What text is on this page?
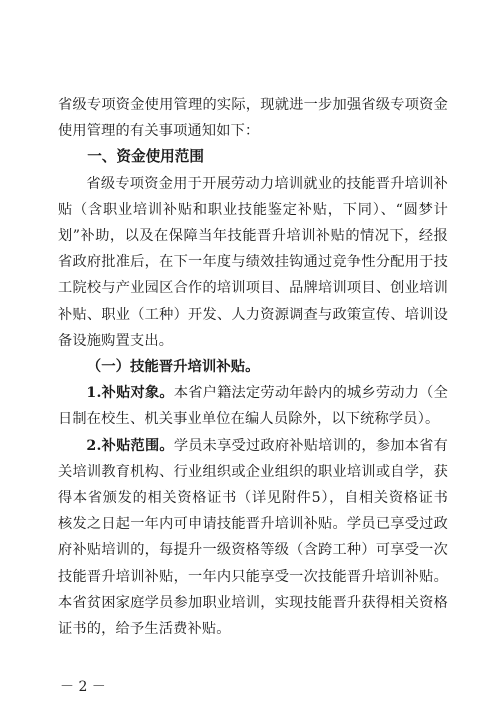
省级专项资金使用管理的实际，现就进一步加强省级专项资金使用管理的有关事项通知如下：

一、资金使用范围

省级专项资金用于开展劳动力培训就业的技能晋升培训补贴（含职业培训补贴和职业技能鉴定补贴，下同）、“圆梦计划”补助，以及在保障当年技能晋升培训补贴的情况下，经报省政府批准后，在下一年度与绩效挂钩通过竞争性分配用于技工院校与产业园区合作的培训项目、品牌培训项目、创业培训补贴、职业（工种）开发、人力资源调查与政策宣传、培训设备设施购置支出。

（一）技能晋升培训补贴。

1.补贴对象。本省户籍法定劳动年龄内的城乡劳动力（全日制在校生、机关事业单位在编人员除外，以下统称学员）。

2.补贴范围。学员未享受过政府补贴培训的，参加本省有关培训教育机构、行业组织或企业组织的职业培训或自学，获得本省颁发的相关资格证书（详见附件5），自相关资格证书核发之日起一年内可申请技能晋升培训补贴。学员已享受过政府补贴培训的，每提升一级资格等级（含跨工种）可享受一次技能晋升培训补贴，一年内只能享受一次技能晋升培训补贴。本省贫困家庭学员参加职业培训，实现技能晋升获得相关资格证书的，给予生活费补贴。

－ 2 －
